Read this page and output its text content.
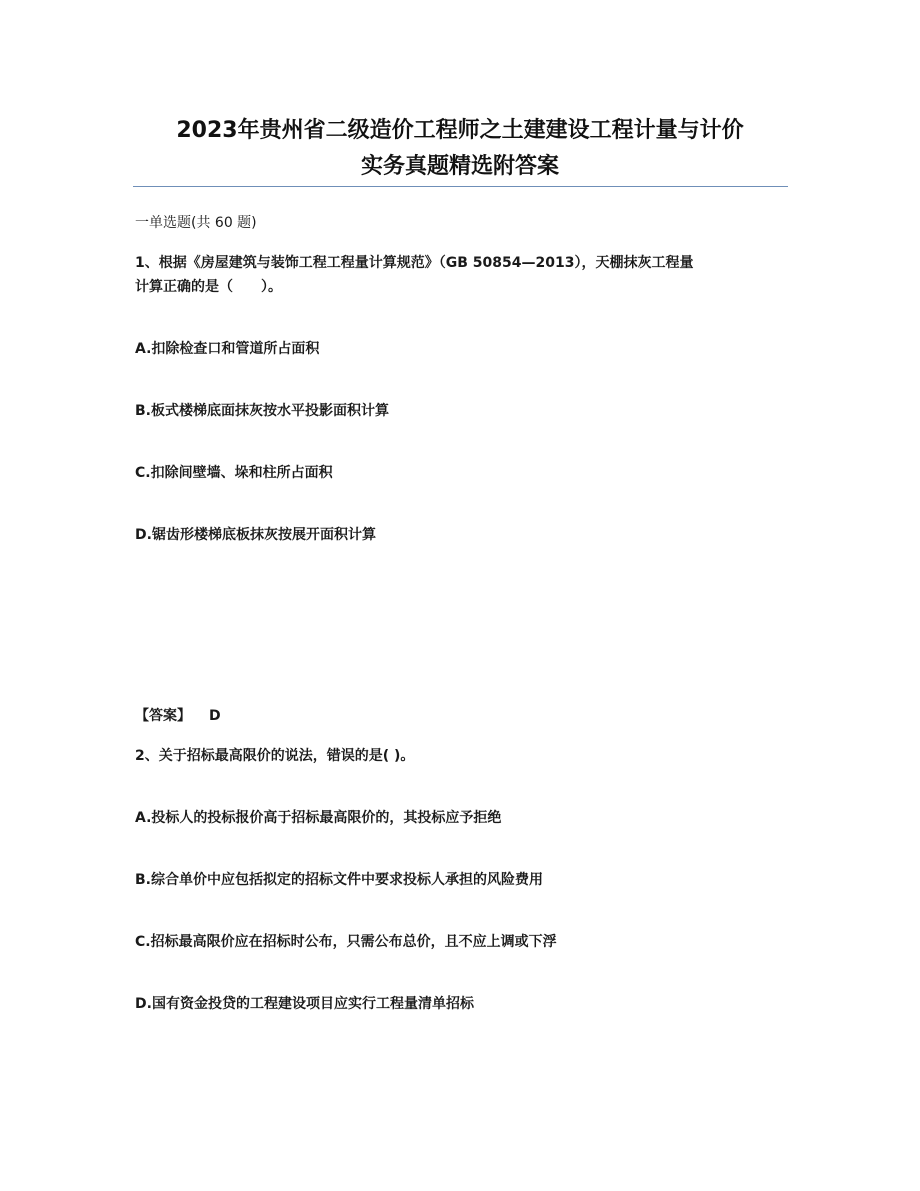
2023年贵州省二级造价工程师之土建建设工程计量与计价
实务真题精选附答案
一单选题(共 60 题)
1、根据《房屋建筑与装饰工程工程量计算规范》（GB 50854—2013），天棚抹灰工程量
计算正确的是（　　）。
A.扣除检查口和管道所占面积
B.板式楼梯底面抹灰按水平投影面积计算
C.扣除间壁墙、垛和柱所占面积
D.锯齿形楼梯底板抹灰按展开面积计算
【答案】 D
2、关于招标最高限价的说法，错误的是( )。
A.投标人的投标报价高于招标最高限价的，其投标应予拒绝
B.综合单价中应包括拟定的招标文件中要求投标人承担的风险费用
C.招标最高限价应在招标时公布，只需公布总价，且不应上调或下浮
D.国有资金投贷的工程建设项目应实行工程量清单招标
